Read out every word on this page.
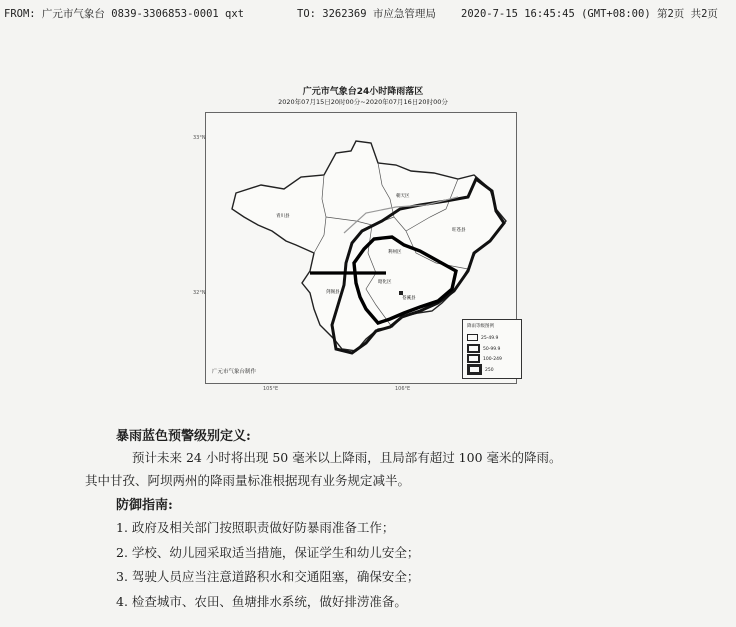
FROM: 广元市气象台 0839-3306853-0001 qxt	TO: 3262369 市应急管理局 2020-7-15 16:45:45 (GMT+08:00) 第2页 共2页
广元市气象台24小时降雨落区
2020年07月15日20时00分~2020年07月16日20时00分
青川县
朝天区
旺苍县
利州区
剑阁县
昭化区
苍溪县
广元市气象台制作
降雨等级图例
25-49.9
50-99.9
100-249
250
33°N
32°N
105°E	106°E
暴雨蓝色预警级别定义:
预计未来 24 小时将出现 50 毫米以上降雨，且局部有超过 100 毫米的降雨。
其中甘孜、阿坝两州的降雨量标准根据现有业务规定减半。
防御指南:
1. 政府及相关部门按照职责做好防暴雨准备工作；
2. 学校、幼儿园采取适当措施，保证学生和幼儿安全；
3. 驾驶人员应当注意道路积水和交通阻塞，确保安全；
4. 检查城市、农田、鱼塘排水系统，做好排涝准备。
